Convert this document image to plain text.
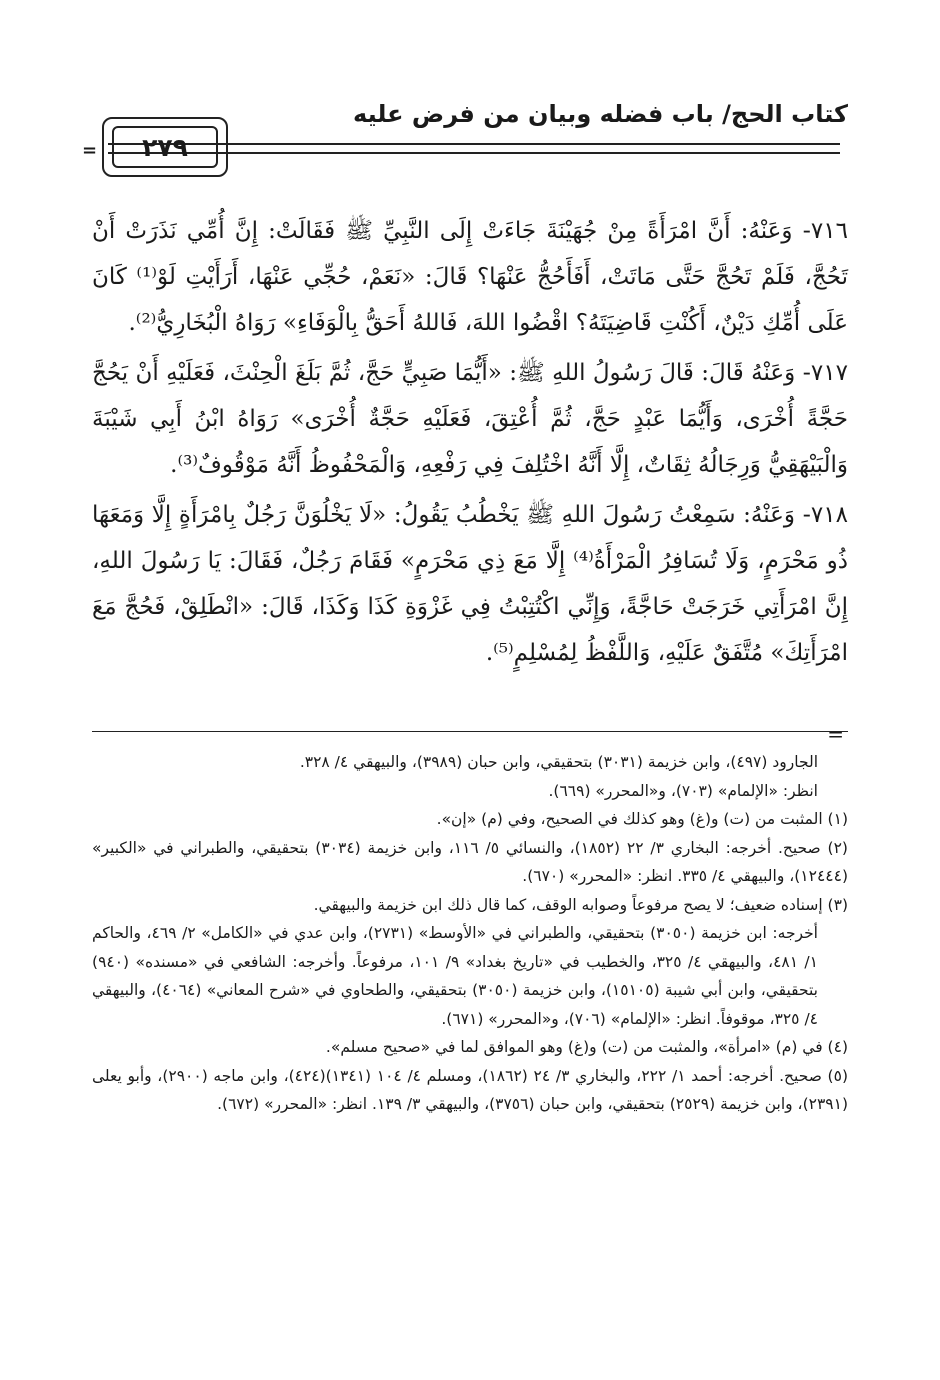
كتاب الحج/ باب فضله وبيان من فرض عليه
=	٢٧٩

٧١٦- وَعَنْهُ: أَنَّ امْرَأَةً مِنْ جُهَيْنَةَ جَاءَتْ إِلَى النَّبِيِّ ﷺ فَقَالَتْ: إِنَّ أُمِّي نَذَرَتْ أَنْ تَحُجَّ، فَلَمْ تَحُجَّ حَتَّى مَاتَتْ، أَفَأَحُجُّ عَنْهَا؟ قَالَ: «نَعَمْ، حُجِّي عَنْهَا، أَرَأَيْتِ لَوْ⁽¹⁾ كَانَ عَلَى أُمِّكِ دَيْنٌ، أَكُنْتِ قَاضِيَتَهُ؟ اقْضُوا اللهَ، فَاللهُ أَحَقُّ بِالْوَفَاءِ» رَوَاهُ الْبُخَارِيُّ⁽²⁾.

٧١٧- وَعَنْهُ قَالَ: قَالَ رَسُولُ اللهِ ﷺ: «أَيُّمَا صَبِيٍّ حَجَّ، ثُمَّ بَلَغَ الْحِنْثَ، فَعَلَيْهِ أَنْ يَحُجَّ حَجَّةً أُخْرَى، وَأَيُّمَا عَبْدٍ حَجَّ، ثُمَّ أُعْتِقَ، فَعَلَيْهِ حَجَّةٌ أُخْرَى» رَوَاهُ ابْنُ أَبِي شَيْبَةَ وَالْبَيْهَقِيُّ وَرِجَالُهُ ثِقَاتٌ، إِلَّا أَنَّهُ اخْتُلِفَ فِي رَفْعِهِ، وَالْمَحْفُوظُ أَنَّهُ مَوْقُوفٌ⁽³⁾.

٧١٨- وَعَنْهُ: سَمِعْتُ رَسُولَ اللهِ ﷺ يَخْطُبُ يَقُولُ: «لَا يَخْلُوَنَّ رَجُلٌ بِامْرَأَةٍ إِلَّا وَمَعَهَا ذُو مَحْرَمٍ، وَلَا تُسَافِرُ الْمَرْأَةُ⁽⁴⁾ إِلَّا مَعَ ذِي مَحْرَمٍ» فَقَامَ رَجُلٌ، فَقَالَ: يَا رَسُولَ اللهِ، إِنَّ امْرَأَتِي خَرَجَتْ حَاجَّةً، وَإِنِّي اكْتُتِبْتُ فِي غَزْوَةِ كَذَا وَكَذَا، قَالَ: «انْطَلِقْ، فَحُجَّ مَعَ امْرَأَتِكَ» مُتَّفَقٌ عَلَيْهِ، وَاللَّفْظُ لِمُسْلِمٍ⁽⁵⁾.

=

الجارود (٤٩٧)، وابن خزيمة (٣٠٣١) بتحقيقي، وابن حبان (٣٩٨٩)، والبيهقي ٤/ ٣٢٨.

انظر: «الإلمام» (٧٠٣)، و«المحرر» (٦٦٩).

(١) المثبت من (ت) و(غ) وهو كذلك في الصحيح، وفي (م) «إن».

(٢) صحيح. أخرجه: البخاري ٣/ ٢٢ (١٨٥٢)، والنسائي ٥/ ١١٦، وابن خزيمة (٣٠٣٤) بتحقيقي، والطبراني في «الكبير» (١٢٤٤٤)، والبيهقي ٤/ ٣٣٥. انظر: «المحرر» (٦٧٠).

(٣) إسناده ضعيف؛ لا يصح مرفوعاً وصوابه الوقف، كما قال ذلك ابن خزيمة والبيهقي.

أخرجه: ابن خزيمة (٣٠٥٠) بتحقيقي، والطبراني في «الأوسط» (٢٧٣١)، وابن عدي في «الكامل» ٢/ ٤٦٩، والحاكم ١/ ٤٨١، والبيهقي ٤/ ٣٢٥، والخطيب في «تاريخ بغداد» ٩/ ١٠١، مرفوعاً. وأخرجه: الشافعي في «مسنده» (٩٤٠) بتحقيقي، وابن أبي شيبة (١٥١٠٥)، وابن خزيمة (٣٠٥٠) بتحقيقي، والطحاوي في «شرح المعاني» (٤٠٦٤)، والبيهقي ٤/ ٣٢٥، موقوفاً. انظر: «الإلمام» (٧٠٦)، و«المحرر» (٦٧١).

(٤) في (م) «امرأة»، والمثبت من (ت) و(غ) وهو الموافق لما في «صحيح مسلم».

(٥) صحيح. أخرجه: أحمد ١/ ٢٢٢، والبخاري ٣/ ٢٤ (١٨٦٢)، ومسلم ٤/ ١٠٤ (١٣٤١)(٤٢٤)، وابن ماجه (٢٩٠٠)، وأبو يعلى (٢٣٩١)، وابن خزيمة (٢٥٢٩) بتحقيقي، وابن حبان (٣٧٥٦)، والبيهقي ٣/ ١٣٩. انظر: «المحرر» (٦٧٢).
